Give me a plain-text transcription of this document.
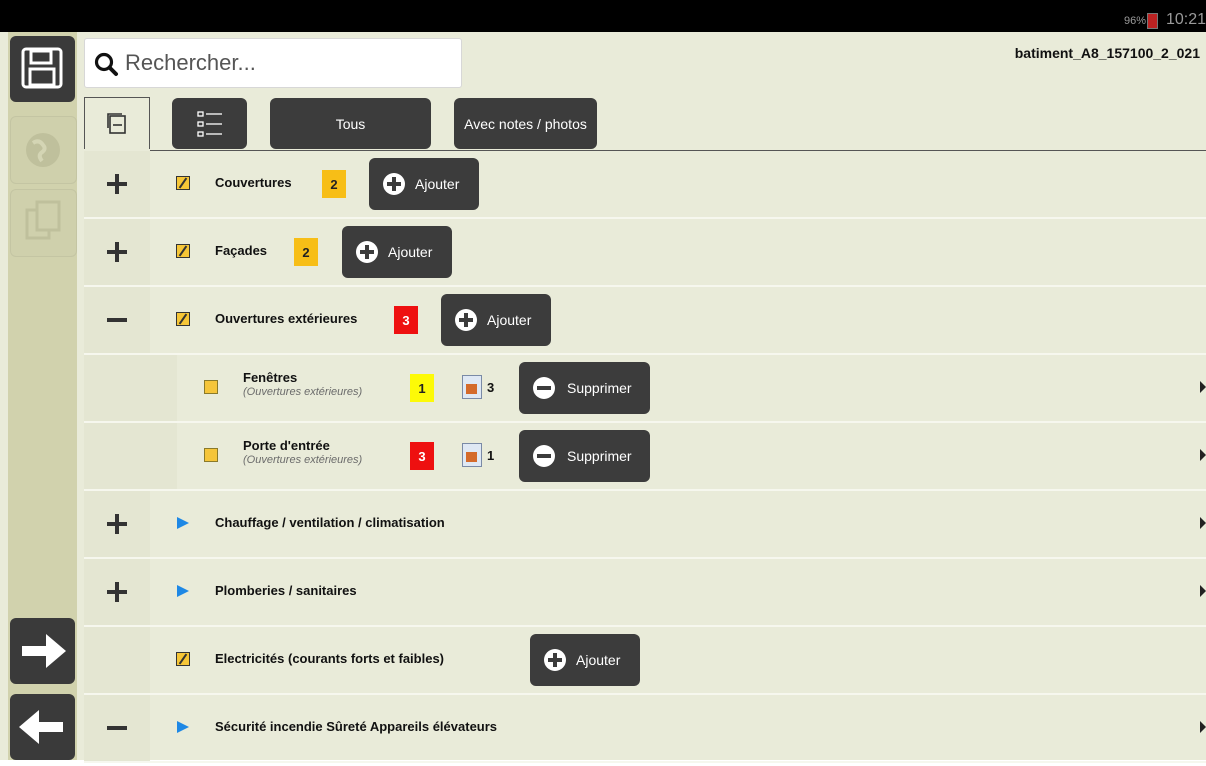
96% 10:21
Rechercher...
batiment_A8_157100_2_021
Tous	Avec notes / photos
Couvertures	2	Ajouter
Façades	2	Ajouter
Ouvertures extérieures	3	Ajouter
Fenêtres
(Ouvertures extérieures)	1	3	Supprimer
Porte d'entrée
(Ouvertures extérieures)	3	1	Supprimer
Chauffage / ventilation / climatisation
Plomberies / sanitaires
Electricités (courants forts et faibles)	Ajouter
Sécurité incendie Sûreté Appareils élévateurs
